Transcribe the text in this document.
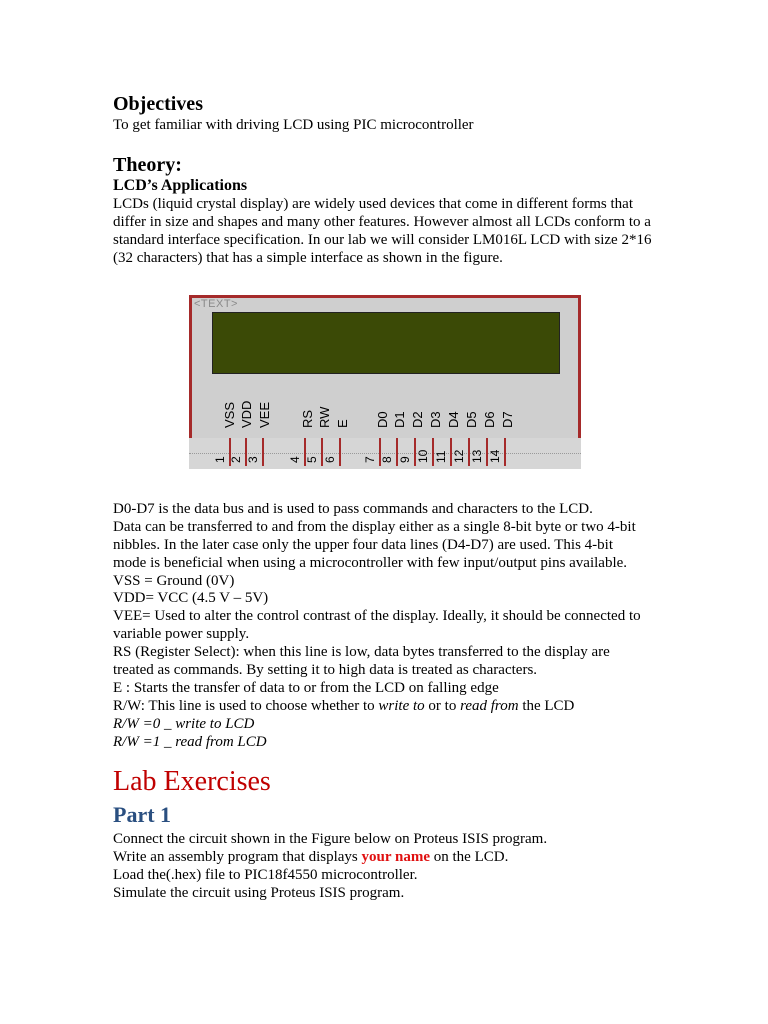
Objectives
To get familiar with driving LCD using PIC microcontroller
Theory:
LCD’s Applications
LCDs (liquid crystal display) are widely used devices that come in different forms that
differ in size and shapes and many other features. However almost all LCDs conform to a
standard interface specification. In our lab we will consider LM016L LCD with size 2*16
(32 characters) that has a simple interface as shown in the figure.
<TEXT>
VSS VDD VEE RS RW E D0 D1 D2 D3 D4 D5 D6 D7
1 2 3 4 5 6 7 8 9 10 11 12 13 14
D0-D7 is the data bus and is used to pass commands and characters to the LCD.
Data can be transferred to and from the display either as a single 8-bit byte or two 4-bit
nibbles. In the later case only the upper four data lines (D4-D7) are used. This 4-bit
mode is beneficial when using a microcontroller with few input/output pins available.
VSS = Ground (0V)
VDD= VCC (4.5 V – 5V)
VEE= Used to alter the control contrast of the display. Ideally, it should be connected to
variable power supply.
RS (Register Select): when this line is low, data bytes transferred to the display are
treated as commands. By setting it to high data is treated as characters.
E : Starts the transfer of data to or from the LCD on falling edge
R/W: This line is used to choose whether to write to or to read from the LCD
R/W =0 _ write to LCD
R/W =1 _ read from LCD
Lab Exercises
Part 1
Connect the circuit shown in the Figure below on Proteus ISIS program.
Write an assembly program that displays your name on the LCD.
Load the(.hex) file to PIC18f4550 microcontroller.
Simulate the circuit using Proteus ISIS program.
